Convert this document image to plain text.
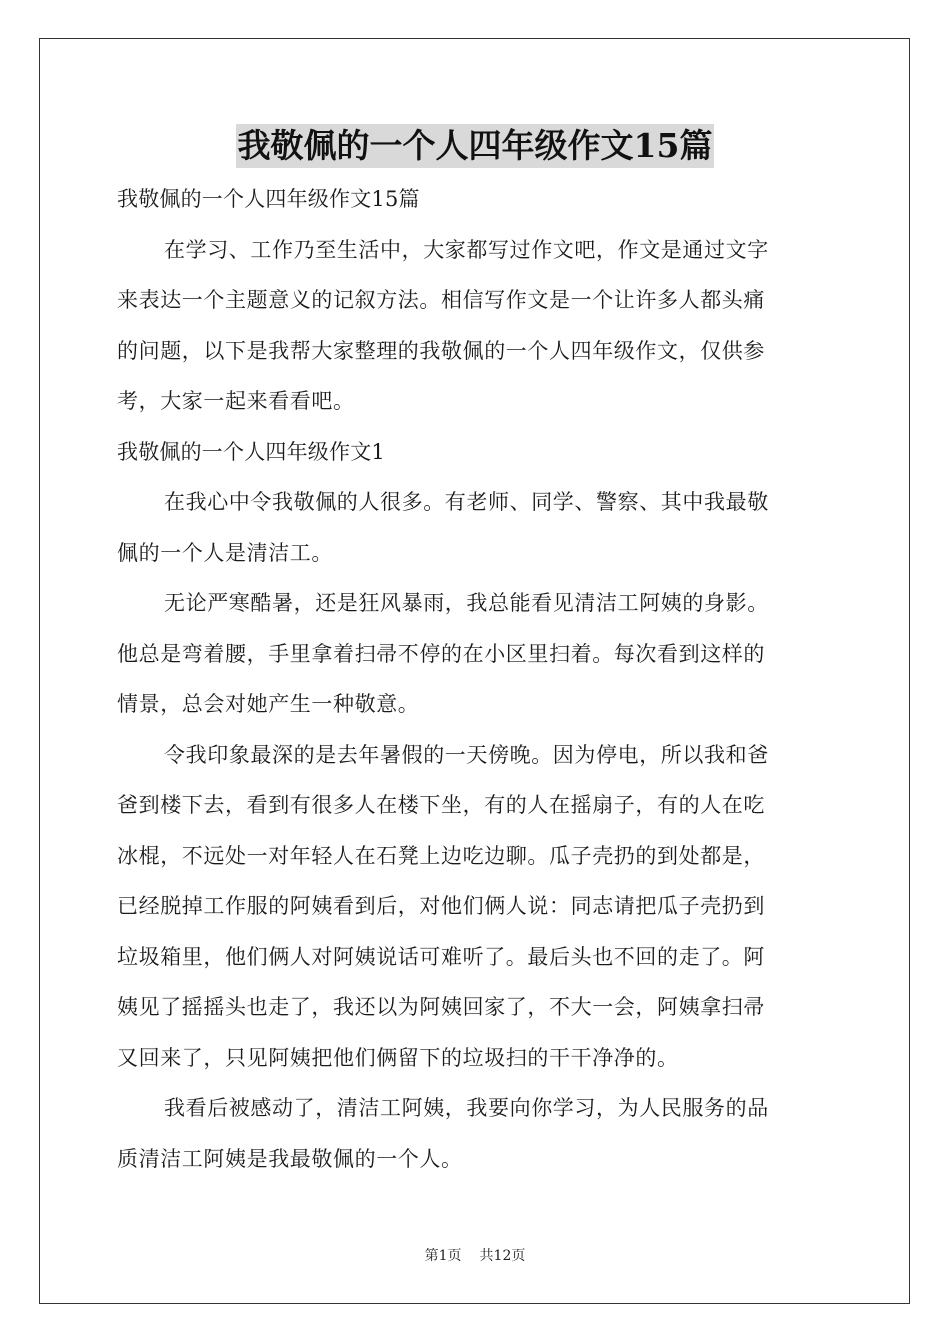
我敬佩的一个人四年级作文15篇
我敬佩的一个人四年级作文15篇
在学习、工作乃至生活中，大家都写过作文吧，作文是通过文字
来表达一个主题意义的记叙方法。相信写作文是一个让许多人都头痛
的问题，以下是我帮大家整理的我敬佩的一个人四年级作文，仅供参
考，大家一起来看看吧。
我敬佩的一个人四年级作文1
在我心中令我敬佩的人很多。有老师、同学、警察、其中我最敬
佩的一个人是清洁工。
无论严寒酷暑，还是狂风暴雨，我总能看见清洁工阿姨的身影。
他总是弯着腰，手里拿着扫帚不停的在小区里扫着。每次看到这样的
情景，总会对她产生一种敬意。
令我印象最深的是去年暑假的一天傍晚。因为停电，所以我和爸
爸到楼下去，看到有很多人在楼下坐，有的人在摇扇子，有的人在吃
冰棍，不远处一对年轻人在石凳上边吃边聊。瓜子壳扔的到处都是，
已经脱掉工作服的阿姨看到后，对他们俩人说：同志请把瓜子壳扔到
垃圾箱里，他们俩人对阿姨说话可难听了。最后头也不回的走了。阿
姨见了摇摇头也走了，我还以为阿姨回家了，不大一会，阿姨拿扫帚
又回来了，只见阿姨把他们俩留下的垃圾扫的干干净净的。
我看后被感动了，清洁工阿姨，我要向你学习，为人民服务的品
质清洁工阿姨是我最敬佩的一个人。
第1页 共12页
